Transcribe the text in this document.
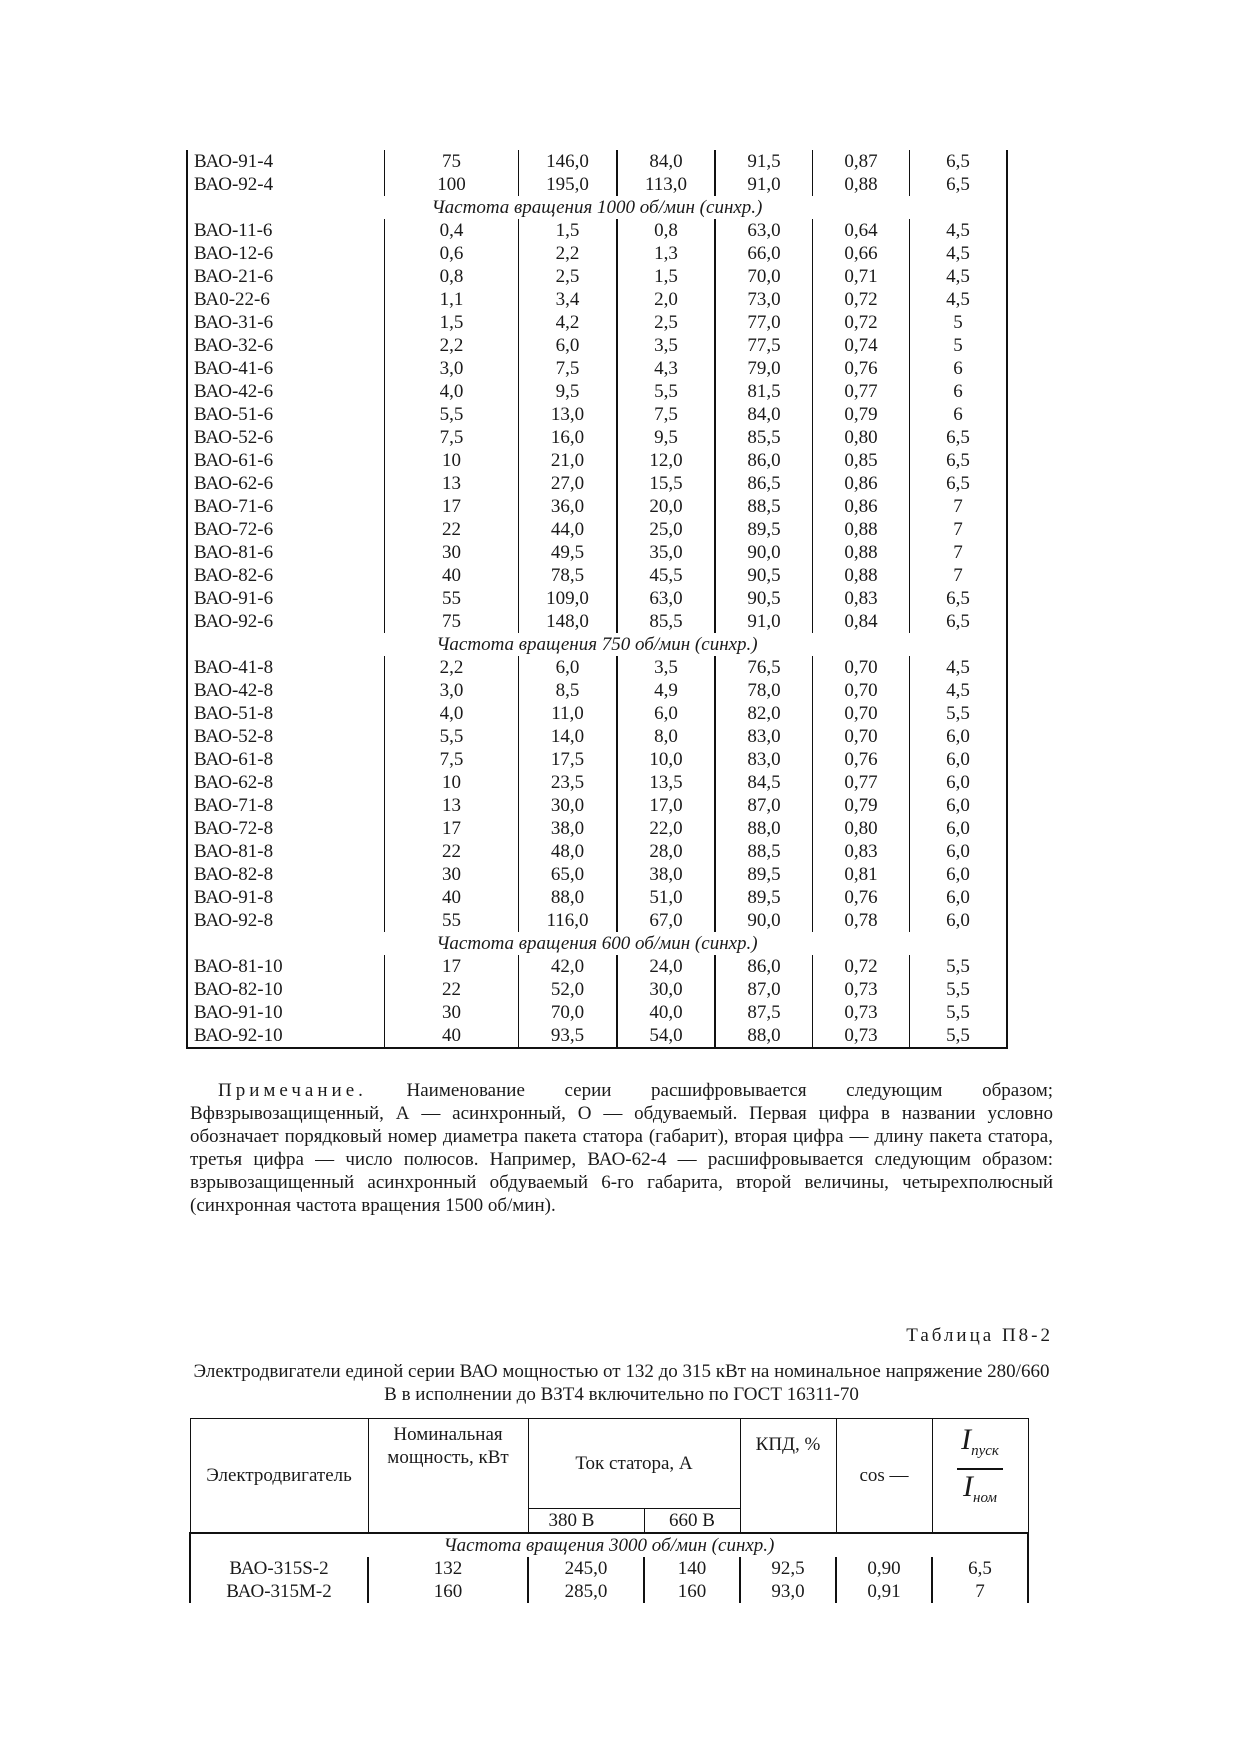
ВАО-91-4	75	146,0	84,0	91,5	0,87	6,5
ВАО-92-4	100	195,0	113,0	91,0	0,88	6,5
Частота вращения 1000 об/мин (синхр.)						
ВАО-11-6	0,4	1,5	0,8	63,0	0,64	4,5
ВАО-12-6	0,6	2,2	1,3	66,0	0,66	4,5
ВАО-21-6	0,8	2,5	1,5	70,0	0,71	4,5
ВА0-22-6	1,1	3,4	2,0	73,0	0,72	4,5
ВАО-31-6	1,5	4,2	2,5	77,0	0,72	5
ВАО-32-6	2,2	6,0	3,5	77,5	0,74	5
ВАО-41-6	3,0	7,5	4,3	79,0	0,76	6
ВАО-42-6	4,0	9,5	5,5	81,5	0,77	6
ВАО-51-6	5,5	13,0	7,5	84,0	0,79	6
ВАО-52-6	7,5	16,0	9,5	85,5	0,80	6,5
ВАО-61-6	10	21,0	12,0	86,0	0,85	6,5
ВАО-62-6	13	27,0	15,5	86,5	0,86	6,5
ВАО-71-6	17	36,0	20,0	88,5	0,86	7
ВАО-72-6	22	44,0	25,0	89,5	0,88	7
ВАО-81-6	30	49,5	35,0	90,0	0,88	7
ВАО-82-6	40	78,5	45,5	90,5	0,88	7
ВАО-91-6	55	109,0	63,0	90,5	0,83	6,5
ВАО-92-6	75	148,0	85,5	91,0	0,84	6,5
Частота вращения 750 об/мин (синхр.)						
ВАО-41-8	2,2	6,0	3,5	76,5	0,70	4,5
ВАО-42-8	3,0	8,5	4,9	78,0	0,70	4,5
ВАО-51-8	4,0	11,0	6,0	82,0	0,70	5,5
ВАО-52-8	5,5	14,0	8,0	83,0	0,70	6,0
ВАО-61-8	7,5	17,5	10,0	83,0	0,76	6,0
ВАО-62-8	10	23,5	13,5	84,5	0,77	6,0
ВАО-71-8	13	30,0	17,0	87,0	0,79	6,0
ВАО-72-8	17	38,0	22,0	88,0	0,80	6,0
ВАО-81-8	22	48,0	28,0	88,5	0,83	6,0
ВАО-82-8	30	65,0	38,0	89,5	0,81	6,0
ВАО-91-8	40	88,0	51,0	89,5	0,76	6,0
ВАО-92-8	55	116,0	67,0	90,0	0,78	6,0
Частота вращения 600 об/мин (синхр.)						
ВАО-81-10	17	42,0	24,0	86,0	0,72	5,5
ВАО-82-10	22	52,0	30,0	87,0	0,73	5,5
ВАО-91-10	30	70,0	40,0	87,5	0,73	5,5
ВАО-92-10	40	93,5	54,0	88,0	0,73	5,5

Примечание. Наименование серии расшифровывается следующим образом; Вфвзрывозащищенный, А — асинхронный, О — обдуваемый. Первая цифра в названии условно обозначает порядковый номер диаметра пакета статора (габарит), вторая цифра — длину пакета статора, третья цифра — число полюсов. Например, ВАО-62-4 — расшифровывается следующим образом: взрывозащищенный асинхронный обдуваемый 6-го габарита, второй величины, четырехполюсный (синхронная частота вращения 1500 об/мин).

Таблица П8-2
Электродвигатели единой серии ВАО мощностью от 132 до 315 кВт на номинальное напряжение 280/660 В в исполнении до ВЗТ4 включительно по ГОСТ 16311-70
Электродвигатель	Номинальная мощность, кВт	Ток статора, А		КПД, %	cos —	$\frac{I_{пуск}}{I_{ном}}$

		380 В	660 В			
Частота вращения 3000 об/мин (синхр.)						
ВАО-315S-2	132	245,0	140	92,5	0,90	6,5
ВАО-315М-2	160	285,0	160	93,0	0,91	7
